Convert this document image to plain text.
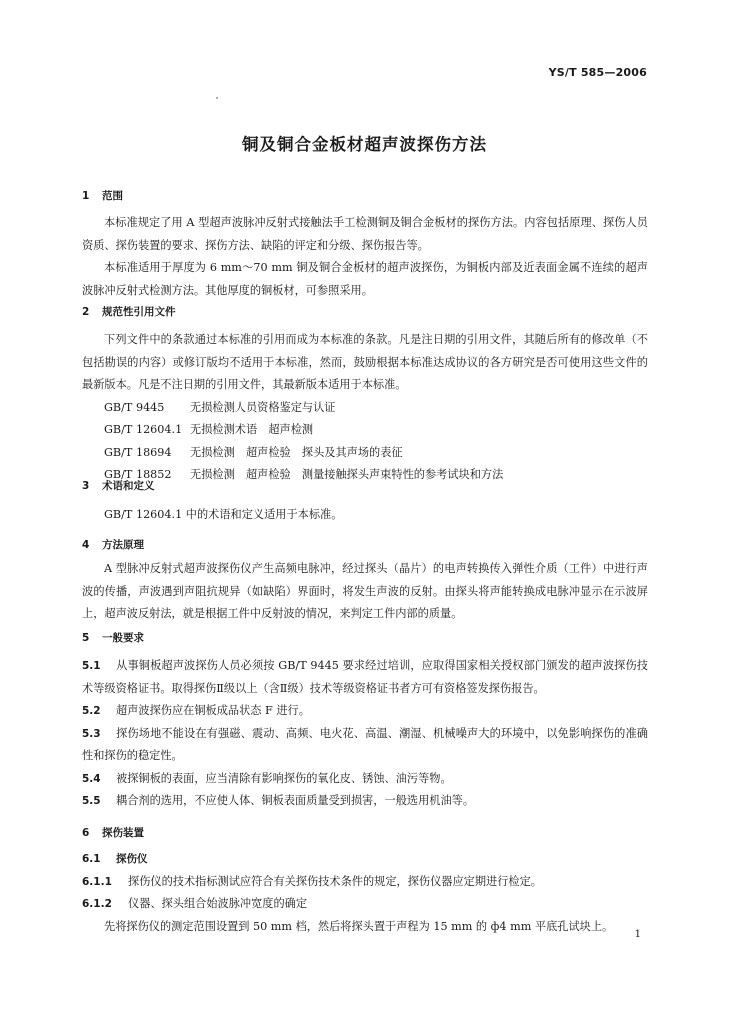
YS/T 585—2006
铜及铜合金板材超声波探伤方法
1 范围

本标准规定了用 A 型超声波脉冲反射式接触法手工检测铜及铜合金板材的探伤方法。内容包括原理、探伤人员资质、探伤装置的要求、探伤方法、缺陷的评定和分级、探伤报告等。

本标准适用于厚度为 6 mm～70 mm 铜及铜合金板材的超声波探伤，为铜板内部及近表面金属不连续的超声波脉冲反射式检测方法。其他厚度的铜板材，可参照采用。

2 规范性引用文件

下列文件中的条款通过本标准的引用而成为本标准的条款。凡是注日期的引用文件，其随后所有的修改单（不包括勘误的内容）或修订版均不适用于本标准，然而，鼓励根据本标准达成协议的各方研究是否可使用这些文件的最新版本。凡是不注日期的引用文件，其最新版本适用于本标准。

GB/T 9445 无损检测人员资格鉴定与认证

GB/T 12604.1 无损检测术语　超声检测

GB/T 18694 无损检测　超声检验　探头及其声场的表征

GB/T 18852 无损检测　超声检验　测量接触探头声束特性的参考试块和方法

3 术语和定义

GB/T 12604.1 中的术语和定义适用于本标准。

4 方法原理

A 型脉冲反射式超声波探伤仪产生高频电脉冲，经过探头（晶片）的电声转换传入弹性介质（工件）中进行声波的传播，声波遇到声阻抗规异（如缺陷）界面时，将发生声波的反射。由探头将声能转换成电脉冲显示在示波屏上，超声波反射法，就是根据工件中反射波的情况，来判定工件内部的质量。

5 一般要求

5.1 从事铜板超声波探伤人员必须按 GB/T 9445 要求经过培训，应取得国家相关授权部门颁发的超声波探伤技术等级资格证书。取得探伤Ⅱ级以上（含Ⅱ级）技术等级资格证书者方可有资格签发探伤报告。

5.2 超声波探伤应在铜板成品状态 F 进行。

5.3 探伤场地不能设在有强磁、震动、高频、电火花、高温、潮湿、机械噪声大的环境中，以免影响探伤的准确性和探伤的稳定性。

5.4 被探铜板的表面，应当清除有影响探伤的氧化皮、锈蚀、油污等物。

5.5 耦合剂的选用，不应使人体、铜板表面质量受到损害，一般选用机油等。

6 探伤装置

6.1 探伤仪

6.1.1 探伤仪的技术指标测试应符合有关探伤技术条件的规定，探伤仪器应定期进行检定。

6.1.2 仪器、探头组合始波脉冲宽度的确定

先将探伤仪的测定范围设置到 50 mm 档，然后将探头置于声程为 15 mm 的 ф4 mm 平底孔试块上。

1
